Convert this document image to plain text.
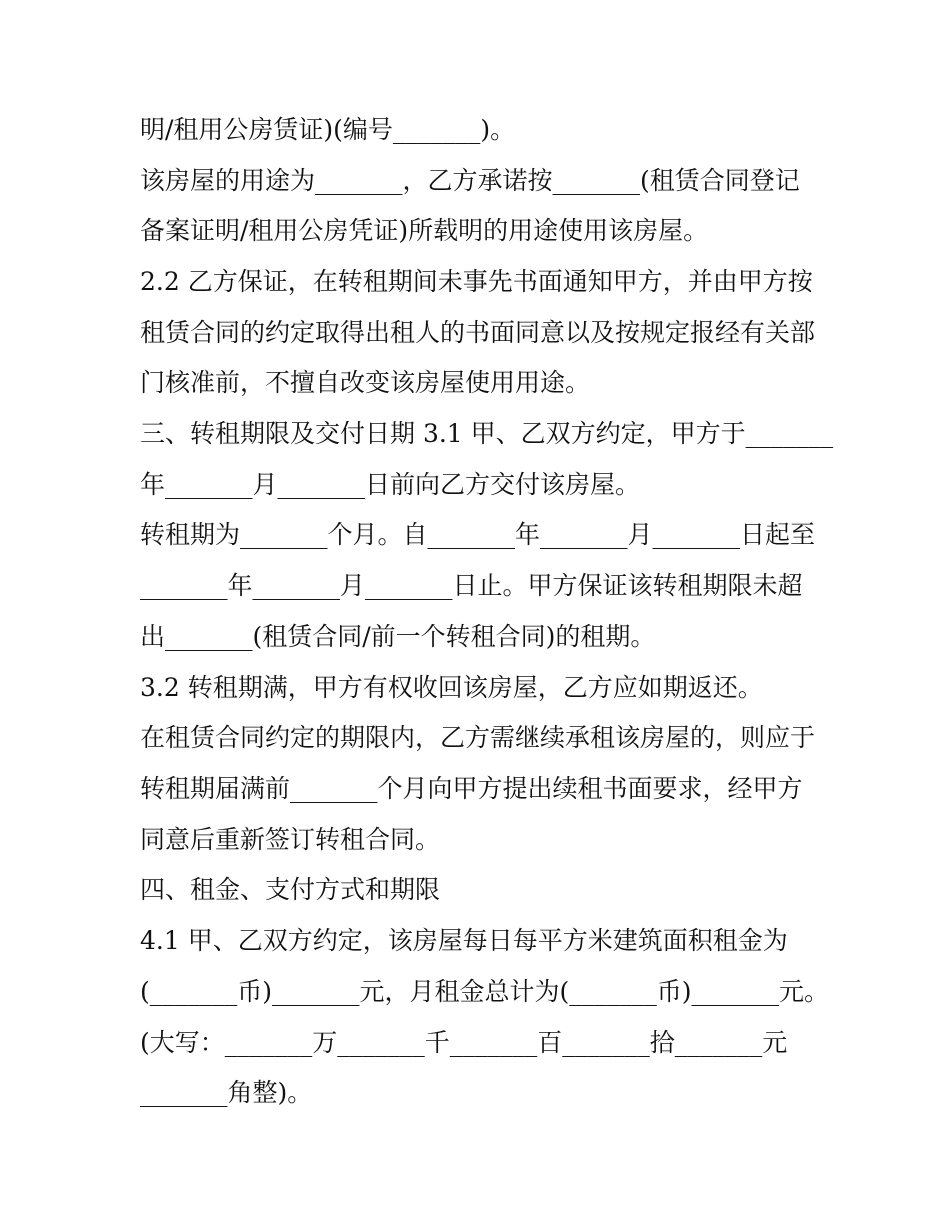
明/租用公房赁证)(编号_______)。

该房屋的用途为_______，乙方承诺按_______(租赁合同登记

备案证明/租用公房凭证)所载明的用途使用该房屋。

2.2 乙方保证，在转租期间未事先书面通知甲方，并由甲方按

租赁合同的约定取得出租人的书面同意以及按规定报经有关部

门核准前，不擅自改变该房屋使用用途。

三、转租期限及交付日期 3.1 甲、乙双方约定，甲方于_______

年_______月_______日前向乙方交付该房屋。

转租期为_______个月。自_______年_______月_______日起至

_______年_______月_______日止。甲方保证该转租期限未超

出_______(租赁合同/前一个转租合同)的租期。

3.2 转租期满，甲方有权收回该房屋，乙方应如期返还。

在租赁合同约定的期限内，乙方需继续承租该房屋的，则应于

转租期届满前_______个月向甲方提出续租书面要求，经甲方

同意后重新签订转租合同。

四、租金、支付方式和期限

4.1 甲、乙双方约定，该房屋每日每平方米建筑面积租金为

(_______币)_______元，月租金总计为(_______币)_______元。

(大写：_______万_______千_______百_______拾_______元

_______角整)。
